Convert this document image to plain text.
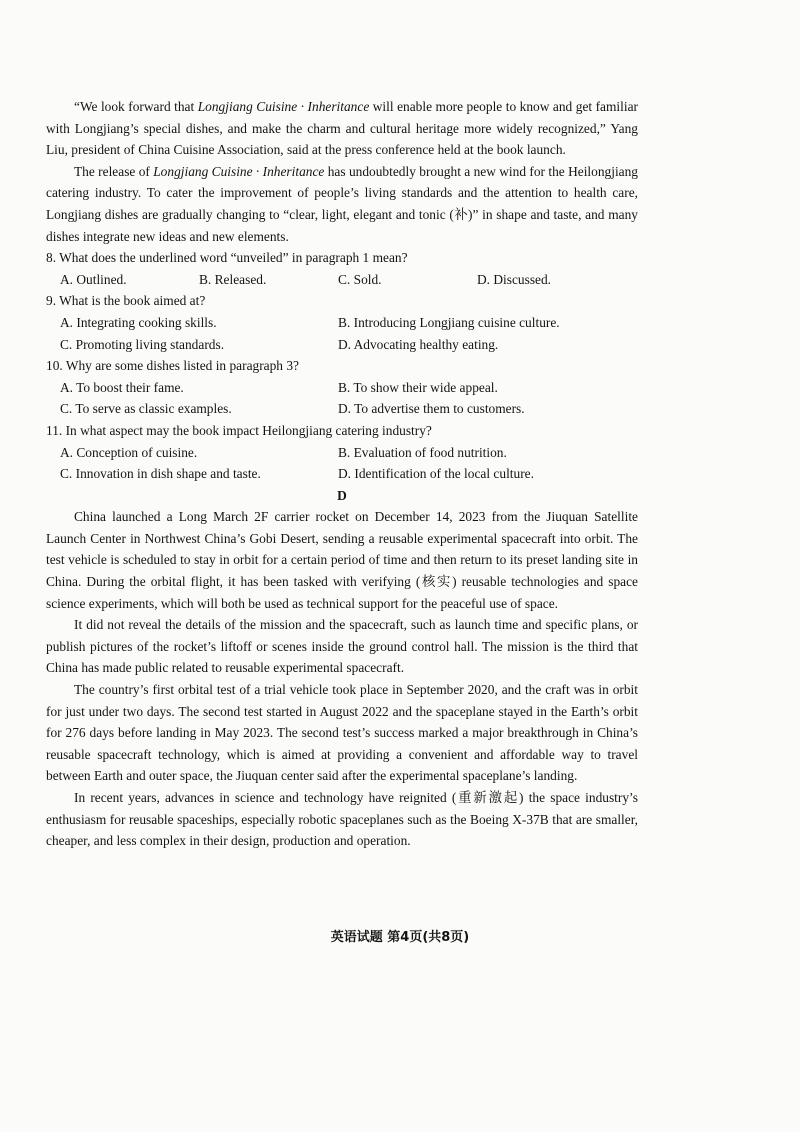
“We look forward that Longjiang Cuisine · Inheritance will enable more people to know and get familiar with Longjiang’s special dishes, and make the charm and cultural heritage more widely recognized,” Yang Liu, president of China Cuisine Association, said at the press conference held at the book launch.

The release of Longjiang Cuisine · Inheritance has undoubtedly brought a new wind for the Heilongjiang catering industry. To cater the improvement of people’s living standards and the attention to health care, Longjiang dishes are gradually changing to “clear, light, elegant and tonic (补)” in shape and taste, and many dishes integrate new ideas and new elements.

8. What does the underlined word “unveiled” in paragraph 1 mean?

A. Outlined.	B. Released.	C. Sold.	D. Discussed.

9. What is the book aimed at?

A. Integrating cooking skills.	B. Introducing Longjiang cuisine culture.
C. Promoting living standards.	D. Advocating healthy eating.

10. Why are some dishes listed in paragraph 3?

A. To boost their fame.	B. To show their wide appeal.
C. To serve as classic examples.	D. To advertise them to customers.

11. In what aspect may the book impact Heilongjiang catering industry?

A. Conception of cuisine.	B. Evaluation of food nutrition.
C. Innovation in dish shape and taste.	D. Identification of the local culture.

D

China launched a Long March 2F carrier rocket on December 14, 2023 from the Jiuquan Satellite Launch Center in Northwest China’s Gobi Desert, sending a reusable experimental spacecraft into orbit. The test vehicle is scheduled to stay in orbit for a certain period of time and then return to its preset landing site in China. During the orbital flight, it has been tasked with verifying (核实) reusable technologies and space science experiments, which will both be used as technical support for the peaceful use of space.

It did not reveal the details of the mission and the spacecraft, such as launch time and specific plans, or publish pictures of the rocket’s liftoff or scenes inside the ground control hall. The mission is the third that China has made public related to reusable experimental spacecraft.

The country’s first orbital test of a trial vehicle took place in September 2020, and the craft was in orbit for just under two days. The second test started in August 2022 and the spaceplane stayed in the Earth’s orbit for 276 days before landing in May 2023. The second test’s success marked a major breakthrough in China’s reusable spacecraft technology, which is aimed at providing a convenient and affordable way to travel between Earth and outer space, the Jiuquan center said after the experimental spaceplane’s landing.

In recent years, advances in science and technology have reignited (重新激起) the space industry’s enthusiasm for reusable spaceships, especially robotic spaceplanes such as the Boeing X-37B that are smaller, cheaper, and less complex in their design, production and operation.

英语试题 第4页(共8页)
